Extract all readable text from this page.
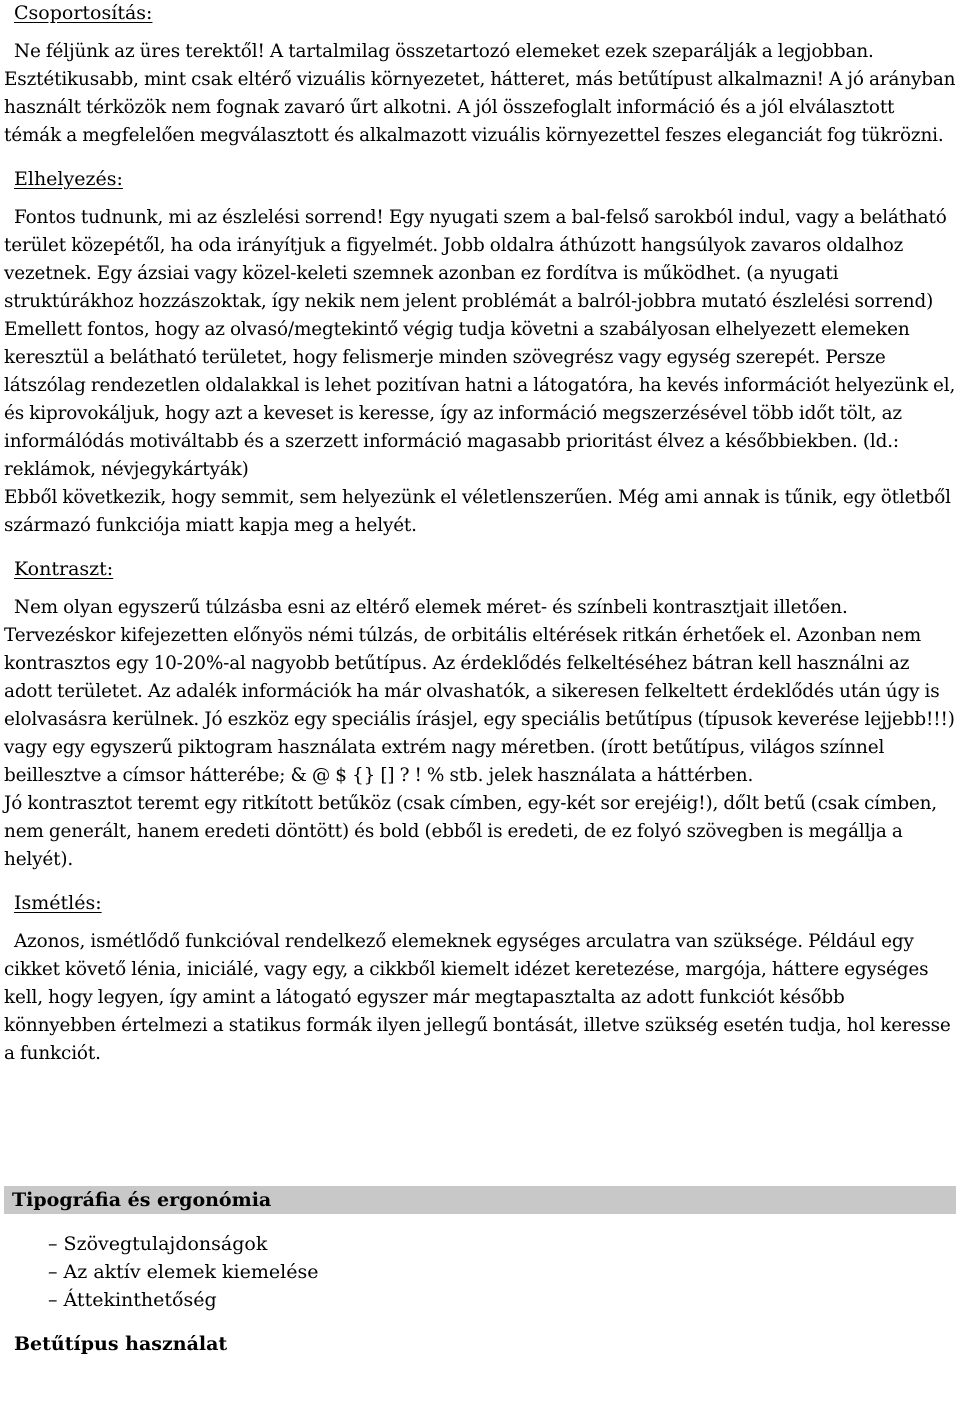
Csoportosítás:

Ne féljünk az üres terektől! A tartalmilag összetartozó elemeket ezek szeparálják a legjobban. Esztétikusabb, mint csak eltérő vizuális környezetet, hátteret, más betűtípust alkalmazni! A jó arányban használt térközök nem fognak zavaró űrt alkotni. A jól összefoglalt információ és a jól elválasztott témák a megfelelően megválasztott és alkalmazott vizuális környezettel feszes eleganciát fog tükrözni.

Elhelyezés:

Fontos tudnunk, mi az észlelési sorrend! Egy nyugati szem a bal-felső sarokból indul, vagy a belátható terület közepétől, ha oda irányítjuk a figyelmét. Jobb oldalra áthúzott hangsúlyok zavaros oldalhoz vezetnek. Egy ázsiai vagy közel-keleti szemnek azonban ez fordítva is működhet. (a nyugati struktúrákhoz hozzászoktak, így nekik nem jelent problémát a balról-jobbra mutató észlelési sorrend)

Emellett fontos, hogy az olvasó/megtekintő végig tudja követni a szabályosan elhelyezett elemeken keresztül a belátható területet, hogy felismerje minden szövegrész vagy egység szerepét. Persze látszólag rendezetlen oldalakkal is lehet pozitívan hatni a látogatóra, ha kevés információt helyezünk el, és kiprovokáljuk, hogy azt a keveset is keresse, így az információ megszerzésével több időt tölt, az informálódás motiváltabb és a szerzett információ magasabb prioritást élvez a későbbiekben. (ld.: reklámok, névjegykártyák)

Ebből következik, hogy semmit, sem helyezünk el véletlenszerűen. Még ami annak is tűnik, egy ötletből származó funkciója miatt kapja meg a helyét.

Kontraszt:

Nem olyan egyszerű túlzásba esni az eltérő elemek méret- és színbeli kontrasztjait illetően. Tervezéskor kifejezetten előnyös némi túlzás, de orbitális eltérések ritkán érhetőek el. Azonban nem kontrasztos egy 10-20%-al nagyobb betűtípus. Az érdeklődés felkeltéséhez bátran kell használni az adott területet. Az adalék információk ha már olvashatók, a sikeresen felkeltett érdeklődés után úgy is elolvasásra kerülnek. Jó eszköz egy speciális írásjel, egy speciális betűtípus (típusok keverése lejjebb!!!) vagy egy egyszerű piktogram használata extrém nagy méretben. (írott betűtípus, világos színnel beillesztve a címsor hátterébe; & @ $ {} [] ? ! % stb. jelek használata a háttérben.

Jó kontrasztot teremt egy ritkított betűköz (csak címben, egy-két sor erejéig!), dőlt betű (csak címben, nem generált, hanem eredeti döntött) és bold (ebből is eredeti, de ez folyó szövegben is megállja a helyét).

Ismétlés:

Azonos, ismétlődő funkcióval rendelkező elemeknek egységes arculatra van szüksége. Például egy cikket követő lénia, iniciálé, vagy egy, a cikkből kiemelt idézet keretezése, margója, háttere egységes kell, hogy legyen, így amint a látogató egyszer már megtapasztalta az adott funkciót később könnyebben értelmezi a statikus formák ilyen jellegű bontását, illetve szükség esetén tudja, hol keresse a funkciót.

Tipográfia és ergonómia
– Szövegtulajdonságok
– Az aktív elemek kiemelése
– Áttekinthetőség
Betűtípus használat
